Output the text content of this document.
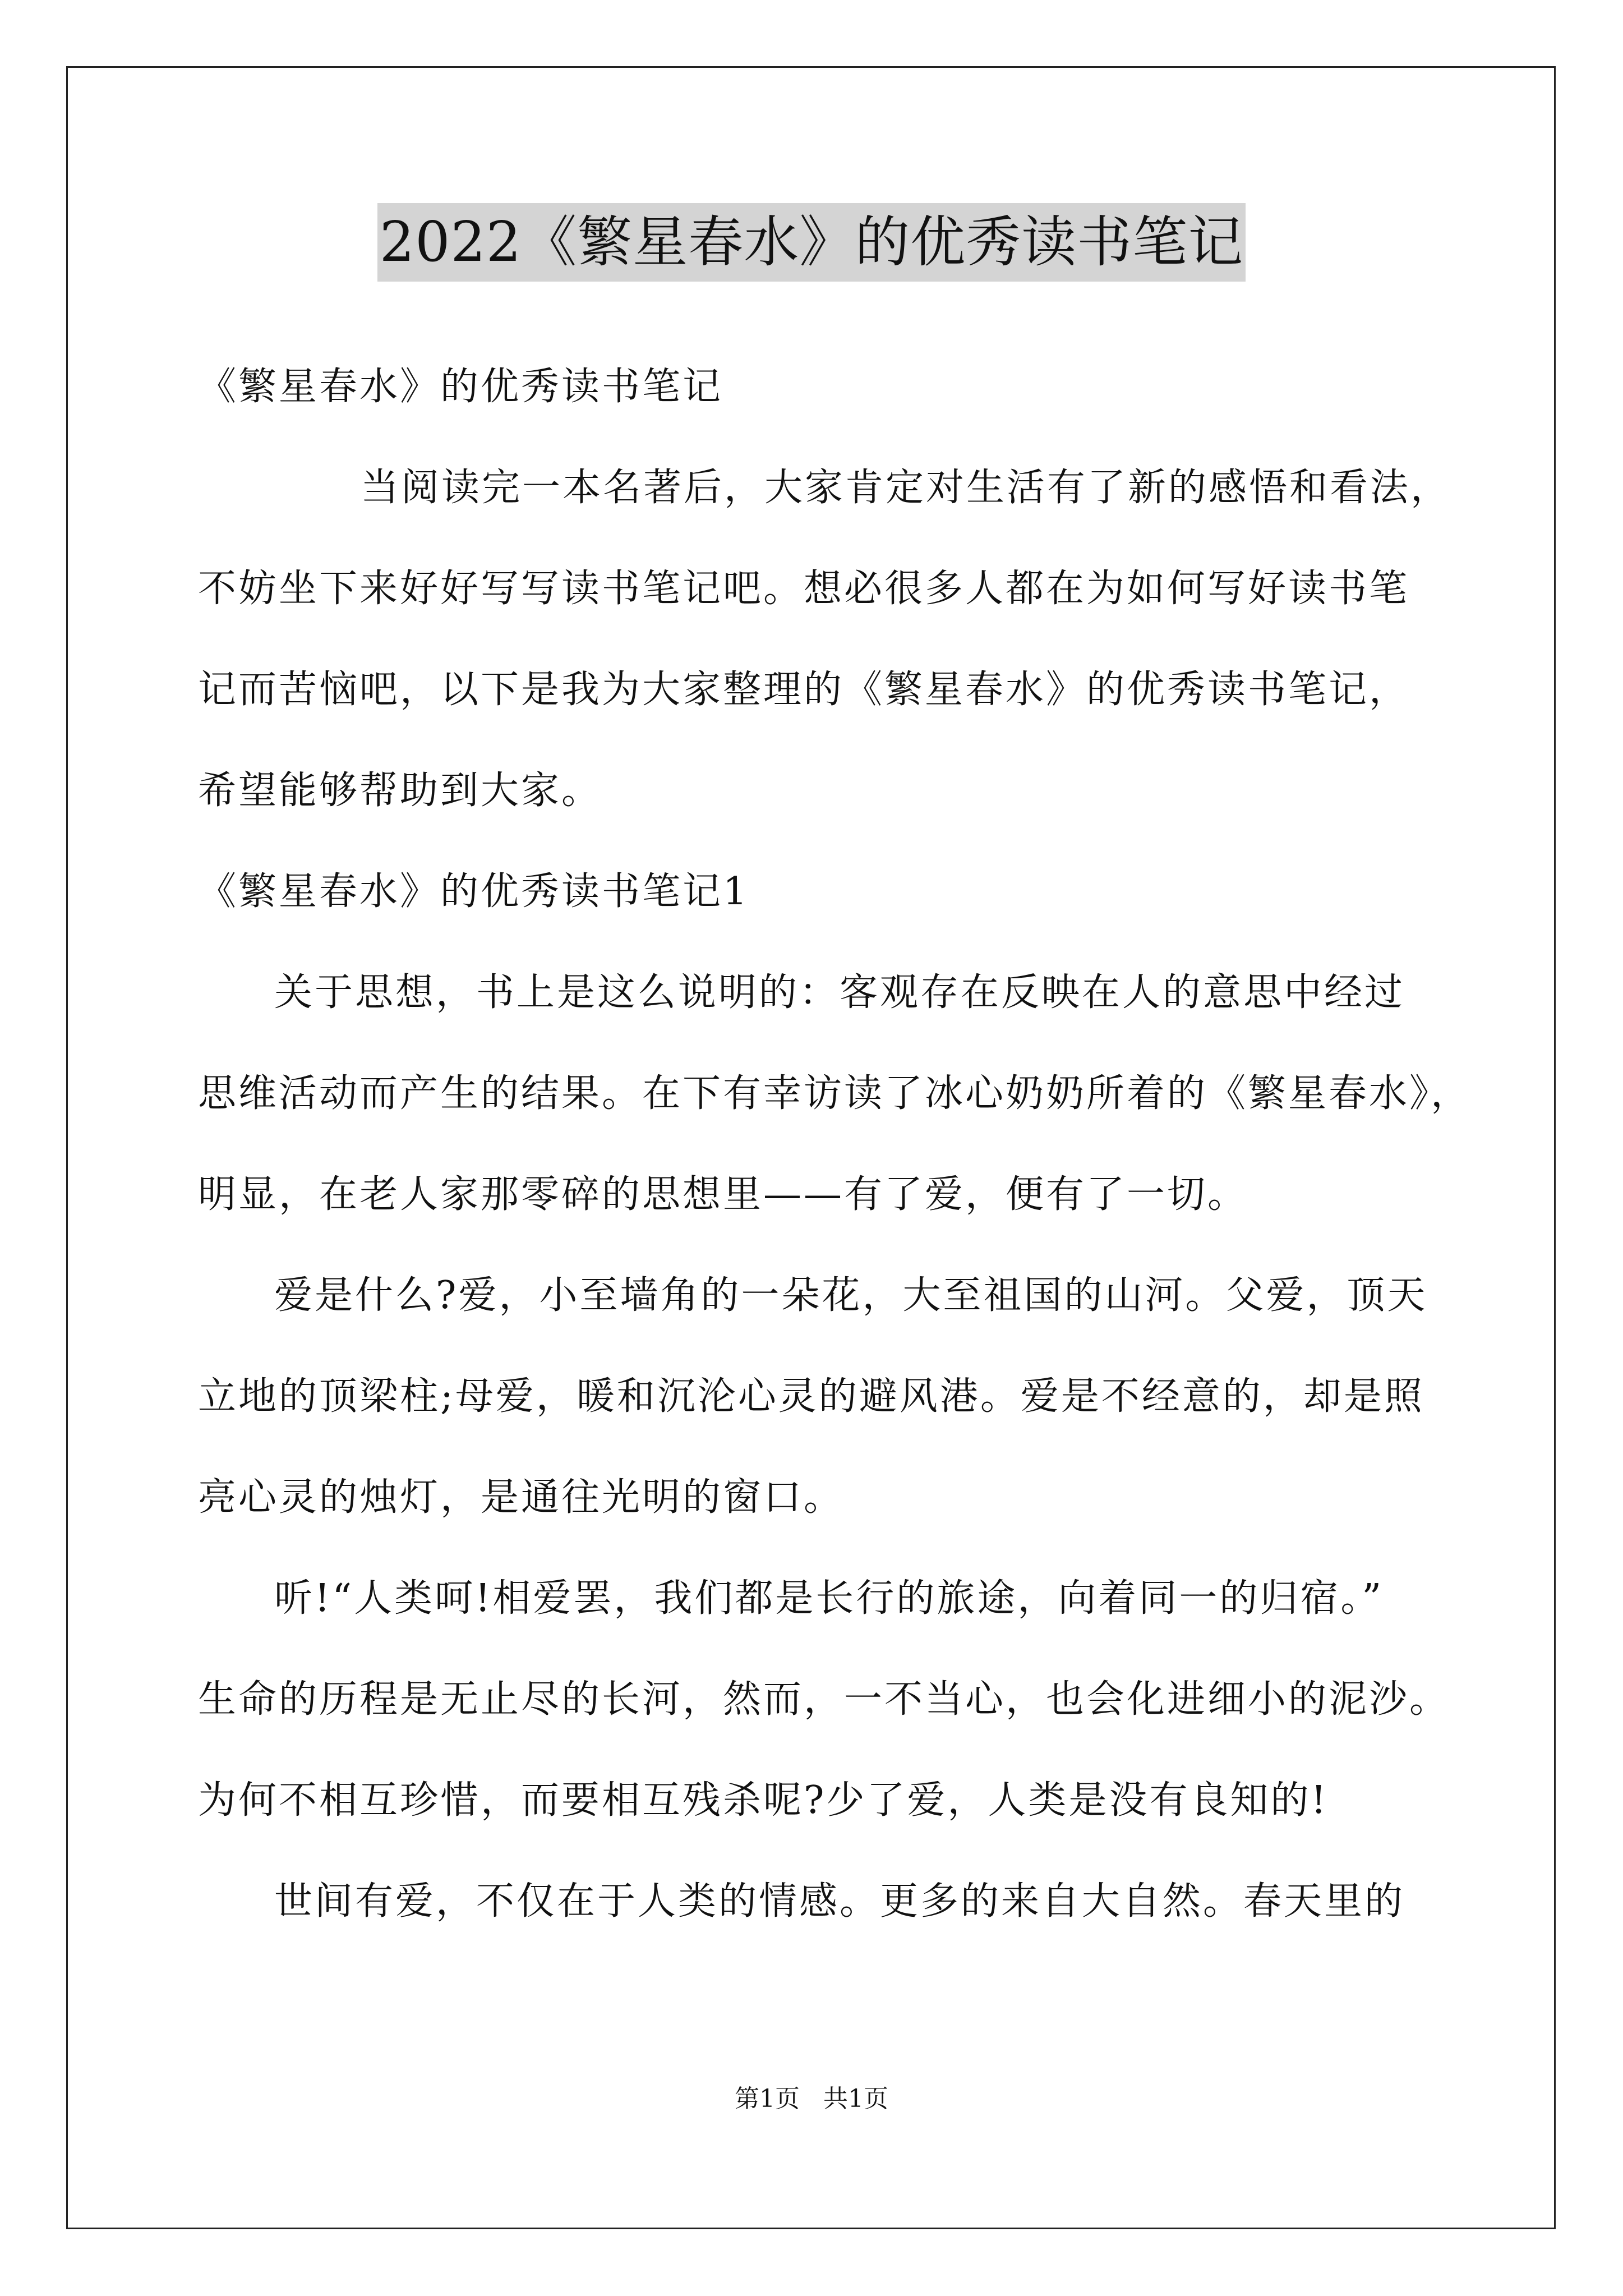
2022《繁星春水》的优秀读书笔记
《繁星春水》的优秀读书笔记
当阅读完一本名著后，大家肯定对生活有了新的感悟和看法，
不妨坐下来好好写写读书笔记吧。想必很多人都在为如何写好读书笔
记而苦恼吧，以下是我为大家整理的《繁星春水》的优秀读书笔记，
希望能够帮助到大家。
《繁星春水》的优秀读书笔记1
关于思想，书上是这么说明的：客观存在反映在人的意思中经过
思维活动而产生的结果。在下有幸访读了冰心奶奶所着的《繁星春水》，
明显，在老人家那零碎的思想里——有了爱，便有了一切。
爱是什么?爱，小至墙角的一朵花，大至祖国的山河。父爱，顶天
立地的顶梁柱;母爱，暖和沉沦心灵的避风港。爱是不经意的，却是照
亮心灵的烛灯，是通往光明的窗口。
听!“人类呵!相爱罢，我们都是长行的旅途，向着同一的归宿。”
生命的历程是无止尽的长河，然而，一不当心，也会化进细小的泥沙。
为何不相互珍惜，而要相互残杀呢?少了爱，人类是没有良知的!
世间有爱，不仅在于人类的情感。更多的来自大自然。春天里的
第1页   共1页
